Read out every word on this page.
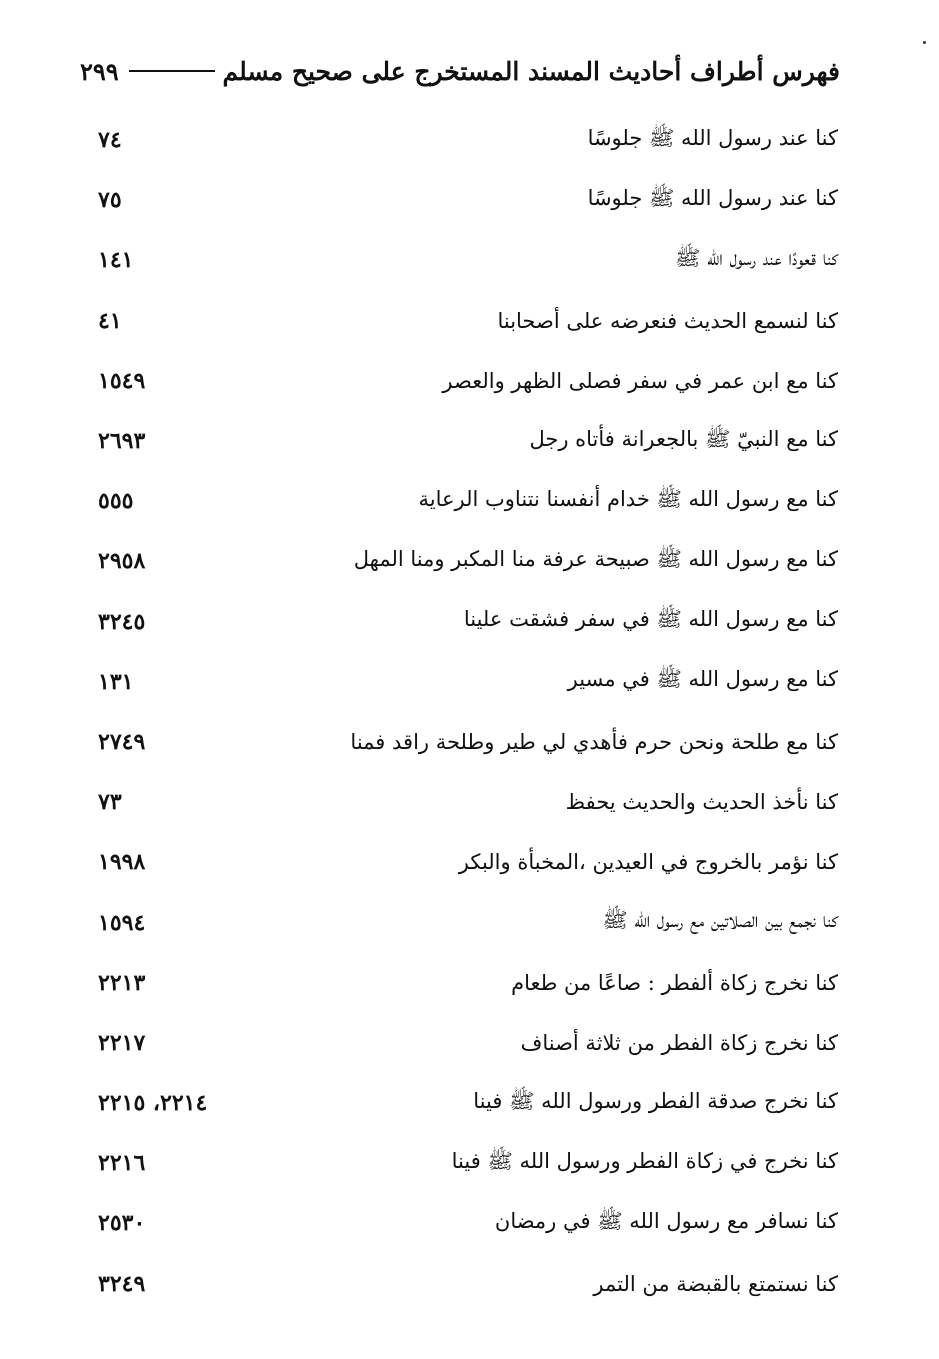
فهرس أطراف أحاديث المسند المستخرج على صحيح مسلم
٢٩٩
٧٤	كنا عند رسول الله ﷺ جلوسًا
٧٥	كنا عند رسول الله ﷺ جلوسًا
١٤١	كنا قعودًا عند رسول الله ﷺ
٤١	كنا لنسمع الحديث فنعرضه على أصحابنا
١٥٤٩	كنا مع ابن عمر في سفر فصلى الظهر والعصر
٢٦٩٣	كنا مع النبيّ ﷺ بالجعرانة فأتاه رجل
٥٥٥	كنا مع رسول الله ﷺ خدام أنفسنا نتناوب الرعاية
٢٩٥٨	كنا مع رسول الله ﷺ صبيحة عرفة منا المكبر ومنا المهل
٣٢٤٥	كنا مع رسول الله ﷺ في سفر فشقت علينا
١٣١	كنا مع رسول الله ﷺ في مسير
٢٧٤٩	كنا مع طلحة ونحن حرم فأهدي لي طير وطلحة راقد فمنا
٧٣	كنا نأخذ الحديث والحديث يحفظ
١٩٩٨	كنا نؤمر بالخروج في العيدين ،المخبأة والبكر
١٥٩٤	كنا نجمع بين الصلاتين مع رسول الله ﷺ
٢٢١٣	كنا نخرج زكاة ألفطر : صاعًا من طعام
٢٢١٧	كنا نخرج زكاة الفطر من ثلاثة أصناف
٢٢١٤، ٢٢١٥	كنا نخرج صدقة الفطر ورسول الله ﷺ فينا
٢٢١٦	كنا نخرج في زكاة الفطر ورسول الله ﷺ فينا
٢٥٣٠	كنا نسافر مع رسول الله ﷺ في رمضان
٣٢٤٩	كنا نستمتع بالقبضة من التمر
